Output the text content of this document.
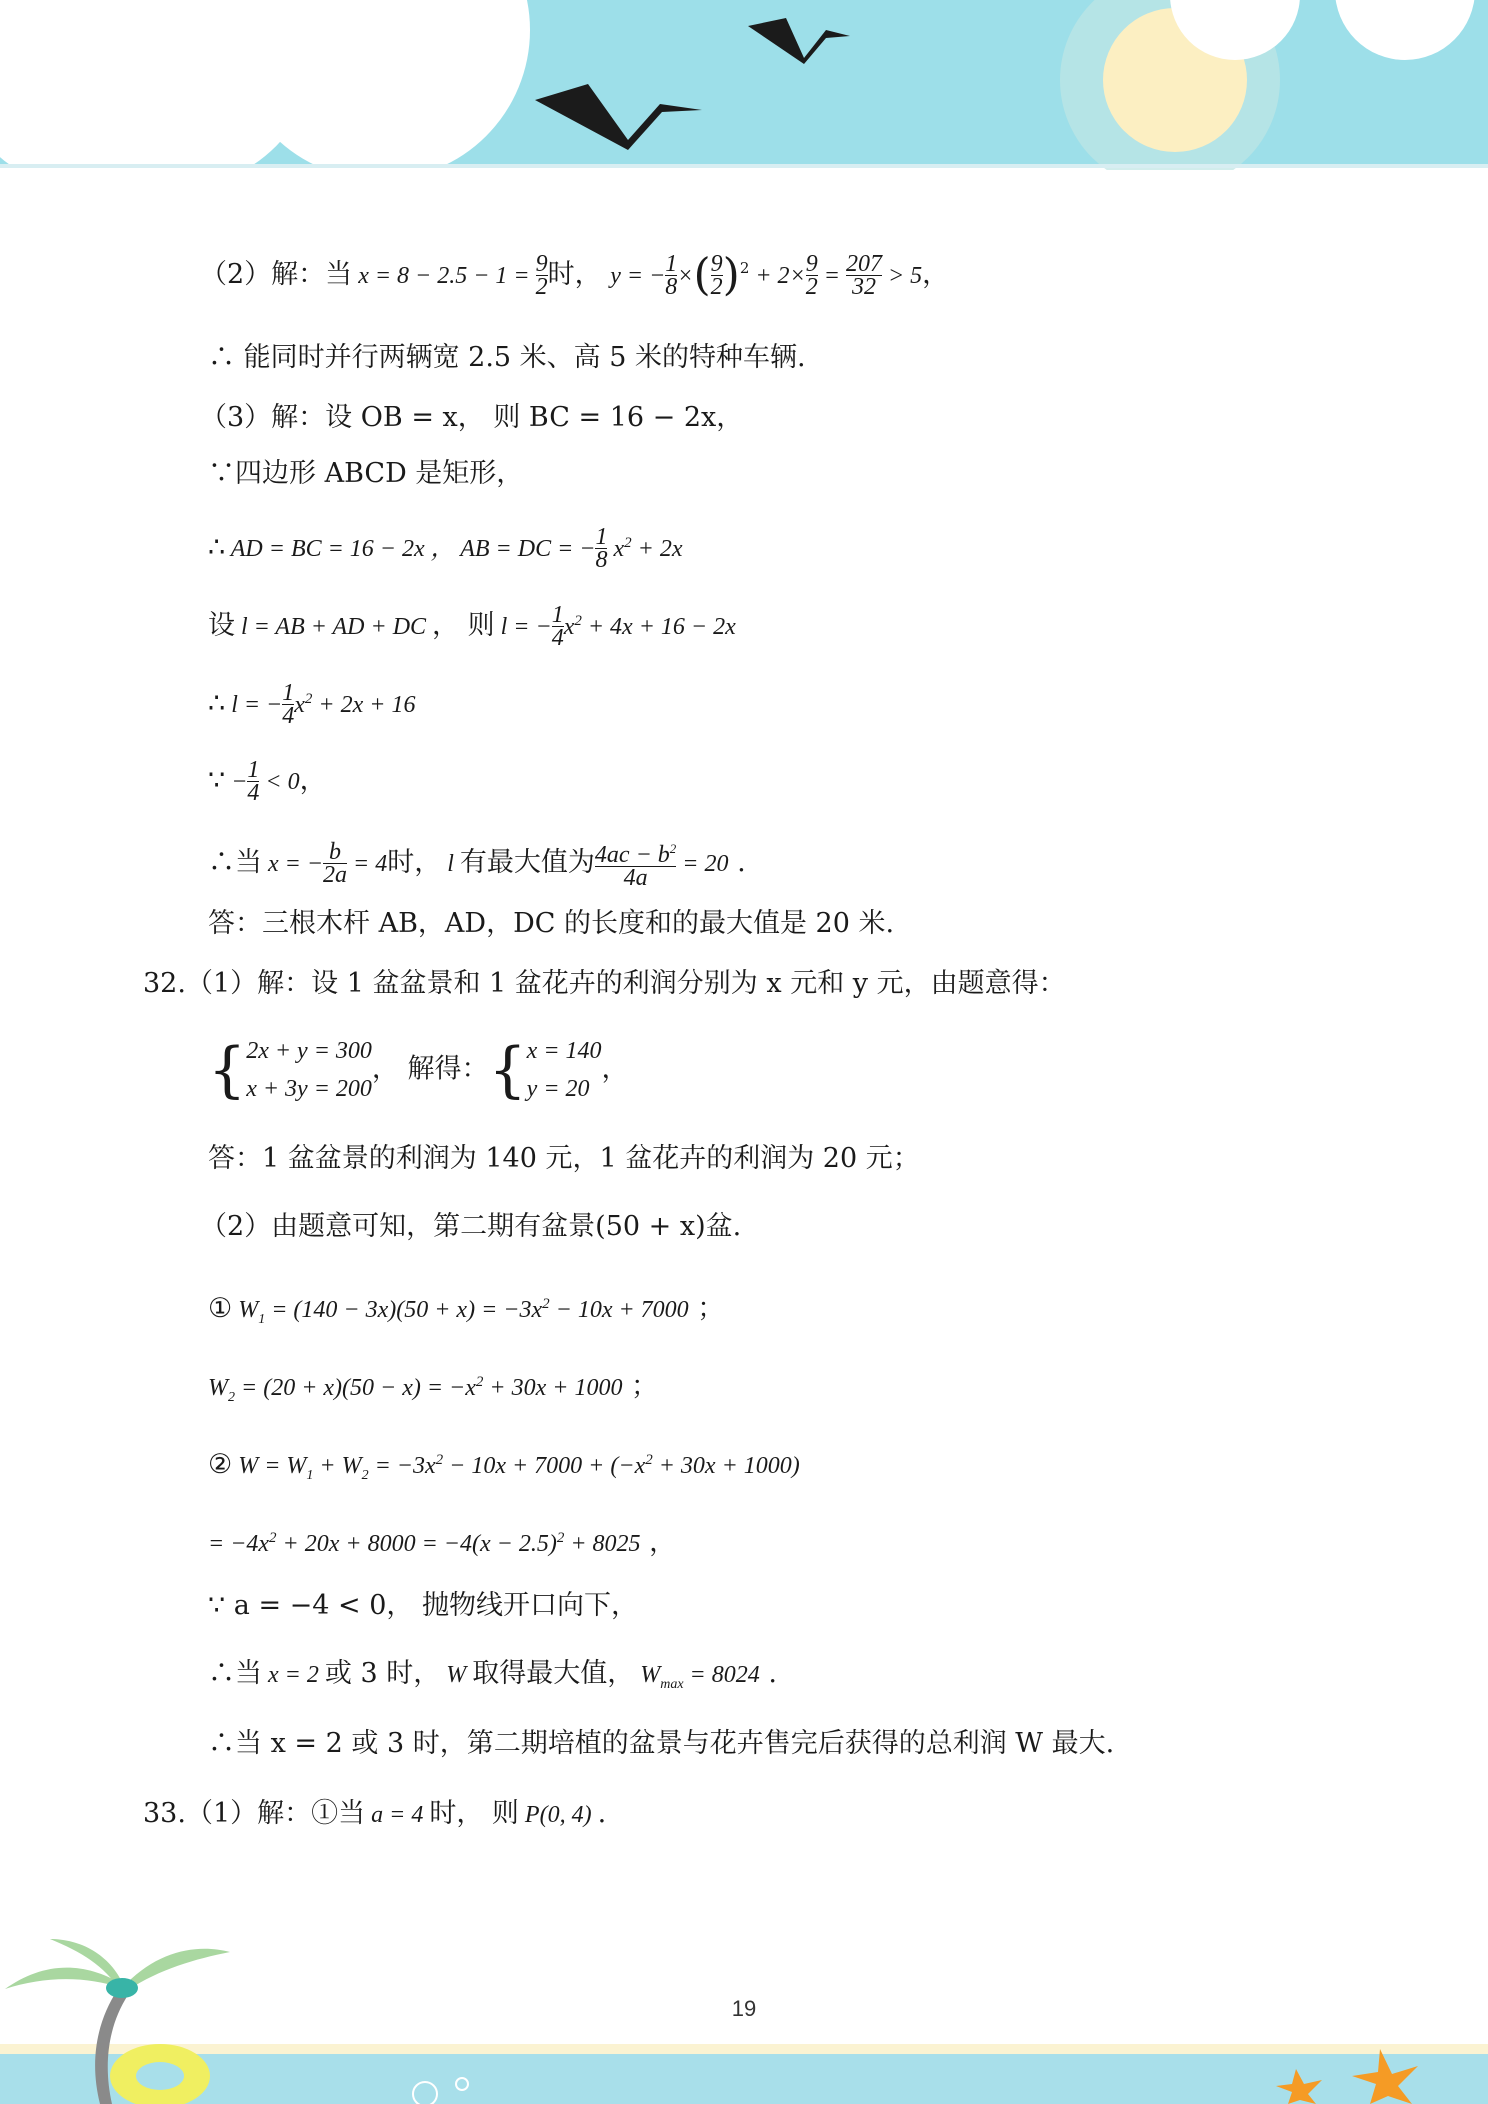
（2）解：当 $x = 8 - 2.5 - 1 = \frac{9}{2}$ 时， y = − $\frac{1}{8}$ ×( $\frac{9}{2} )^2 + 2\times \frac{9}{2} = \frac{207}{32} > 5$，
∴ 能同时并行两辆宽 2.5 米、高 5 米的特种车辆.
（3）解：设 OB = x， 则 BC = 16 − 2x，
∵四边形 ABCD 是矩形，
∴ AD = BC = 16 − 2x ， AB = DC = − $\frac{1}{8} x^2 + 2x$
设 l = AB + AD + DC ， 则 l = − $\frac{1}{4} x^2 + 4x + 16 - 2x$
∴ l = − $\frac{1}{4} x^2 + 2x + 16$
∵ − $\frac{1}{4} < 0$，
∴当 x = − $\frac{b}{2a} = 4$时， l 有最大值为 $\frac{4ac - b^2}{4a} = 20$ .
答：三根木杆 AB，AD，DC 的长度和的最大值是 20 米.
32.（1）解：设 1 盆盆景和 1 盆花卉的利润分别为 x 元和 y 元，由题意得：
{ 2x + y = 300
x + 3y = 200
， 解得：{ x = 140
y = 20
，
答：1 盆盆景的利润为 140 元，1 盆花卉的利润为 20 元；
（2）由题意可知，第二期有盆景(50 + x)盆.
① $W_1 = (140 - 3x)(50 + x) = -3x^2 - 10x + 7000$ ；
$W_2 = (20 + x)(50 - x) = -x^2 + 30x + 1000$ ；
② $W = W_1 + W_2 = -3x^2 - 10x + 7000 + (-x^2 + 30x + 1000)$
= $-4x^2 + 20x + 8000 = -4(x - 2.5)^2 + 8025$ ，
∵ a = −4 < 0， 抛物线开口向下，
∴当 x = 2 或 3 时， W 取得最大值， $W_{max} = 8024$ .
∴当 x = 2 或 3 时，第二期培植的盆景与花卉售完后获得的总利润 W 最大.
33.（1）解：①当 a = 4 时， 则 P(0, 4) .
19
